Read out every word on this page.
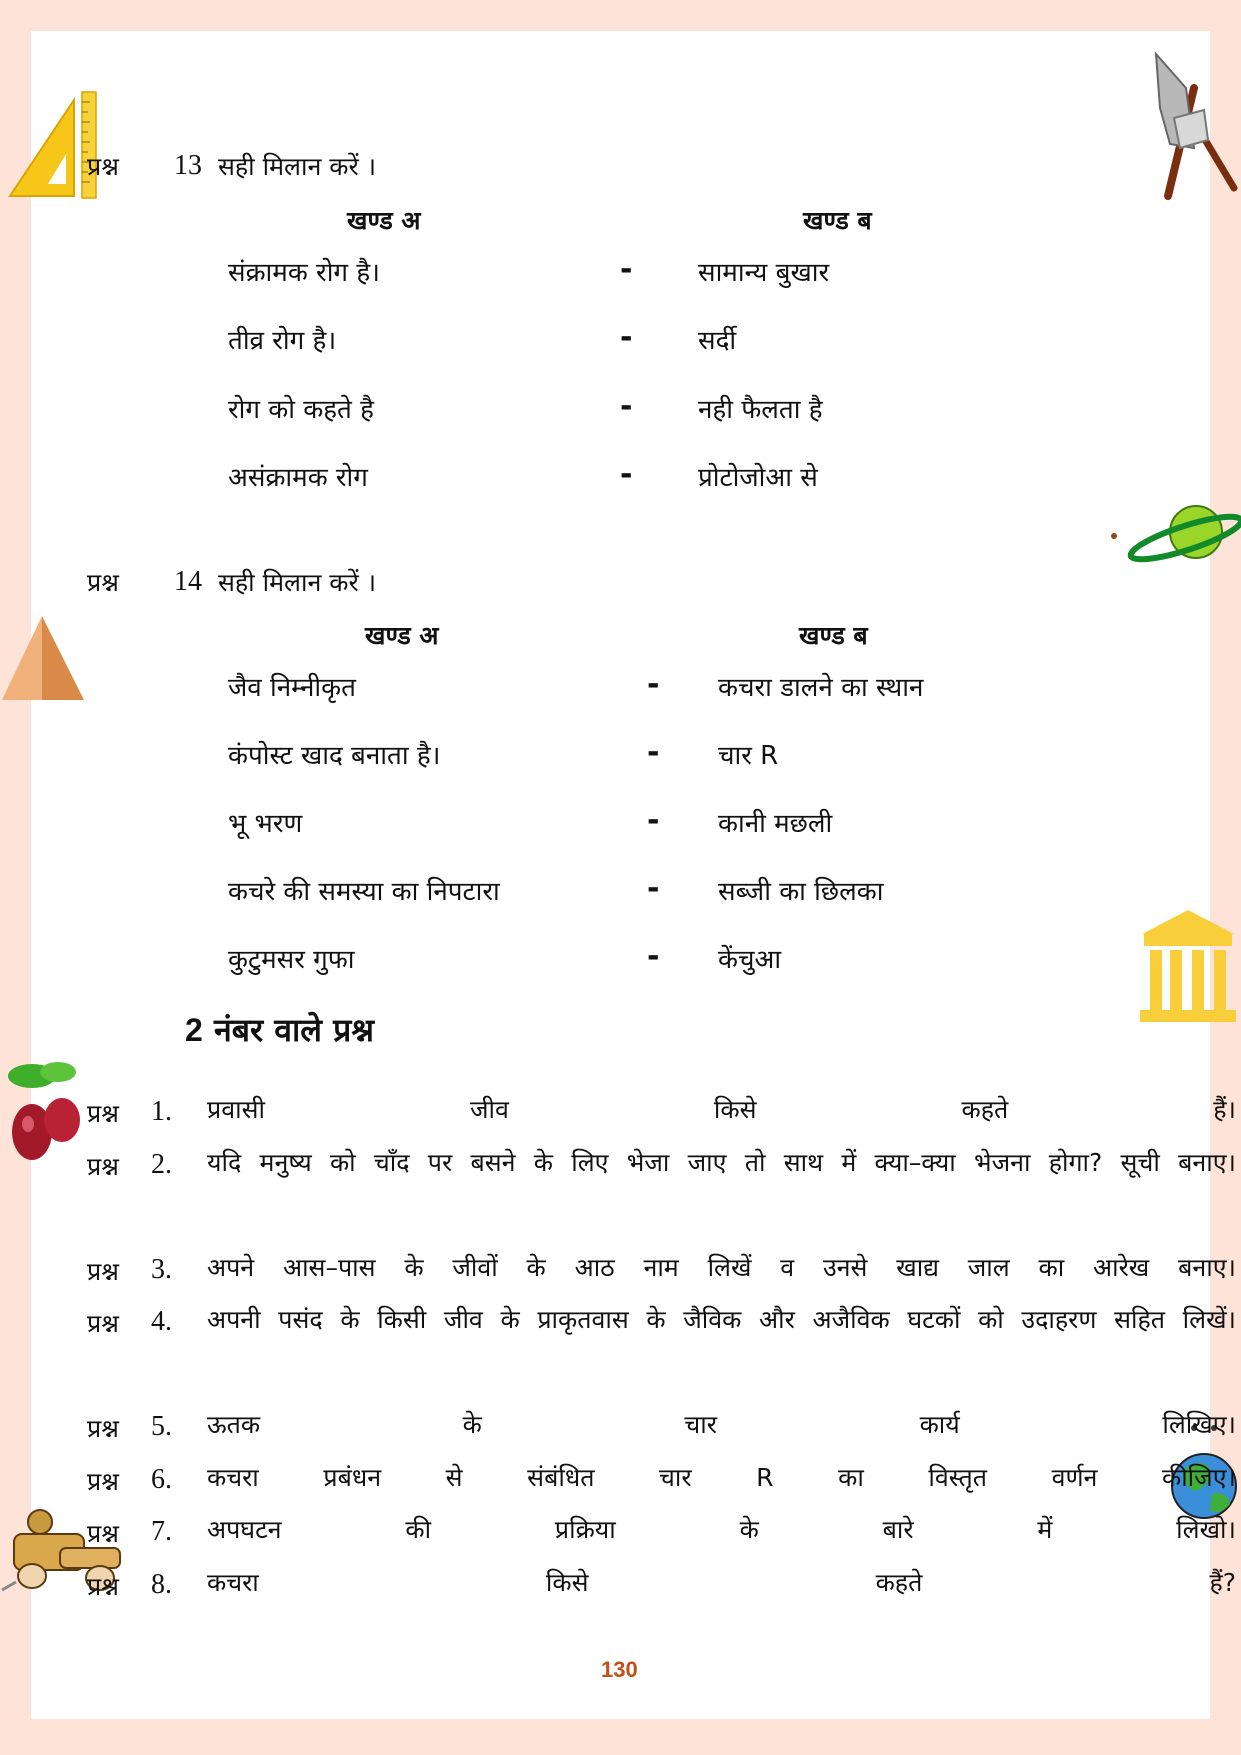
प्रश्न 13 सही मिलान करें ।
खण्ड अ	खण्ड ब
संक्रामक रोग है।	-	सामान्य बुखार
तीव्र रोग है।	-	सर्दी
रोग को कहते है	-	नही फैलता है
असंक्रामक रोग	-	प्रोटोजोआ से
प्रश्न 14 सही मिलान करें ।
खण्ड अ	खण्ड ब
जैव निम्नीकृत	- कचरा डालने का स्थान
कंपोस्ट खाद बनाता है।	- चार R
भू भरण	- कानी मछली
कचरे की समस्या का निपटारा	- सब्जी का छिलका
कुटुमसर गुफा	- केंचुआ
2 नंबर वाले प्रश्न
प्रश्न 1. प्रवासी जीव किसे कहते हैं।
प्रश्न 2. यदि मनुष्य को चाँद पर बसने के लिए भेजा जाए तो साथ में क्या–क्या भेजना होगा? सूची बनाए।
प्रश्न 3. अपने आस–पास के जीवों के आठ नाम लिखें व उनसे खाद्य जाल का आरेख बनाए।
प्रश्न 4. अपनी पसंद के किसी जीव के प्राकृतवास के जैविक और अजैविक घटकों को उदाहरण सहित लिखें।
प्रश्न 5. ऊतक के चार कार्य लिखिए।
प्रश्न 6. कचरा प्रबंधन से संबंधित चार R का विस्तृत वर्णन कीजिए।
प्रश्न 7. अपघटन की प्रक्रिया के बारे में लिखो।
प्रश्न 8. कचरा किसे कहते हैं?
130
